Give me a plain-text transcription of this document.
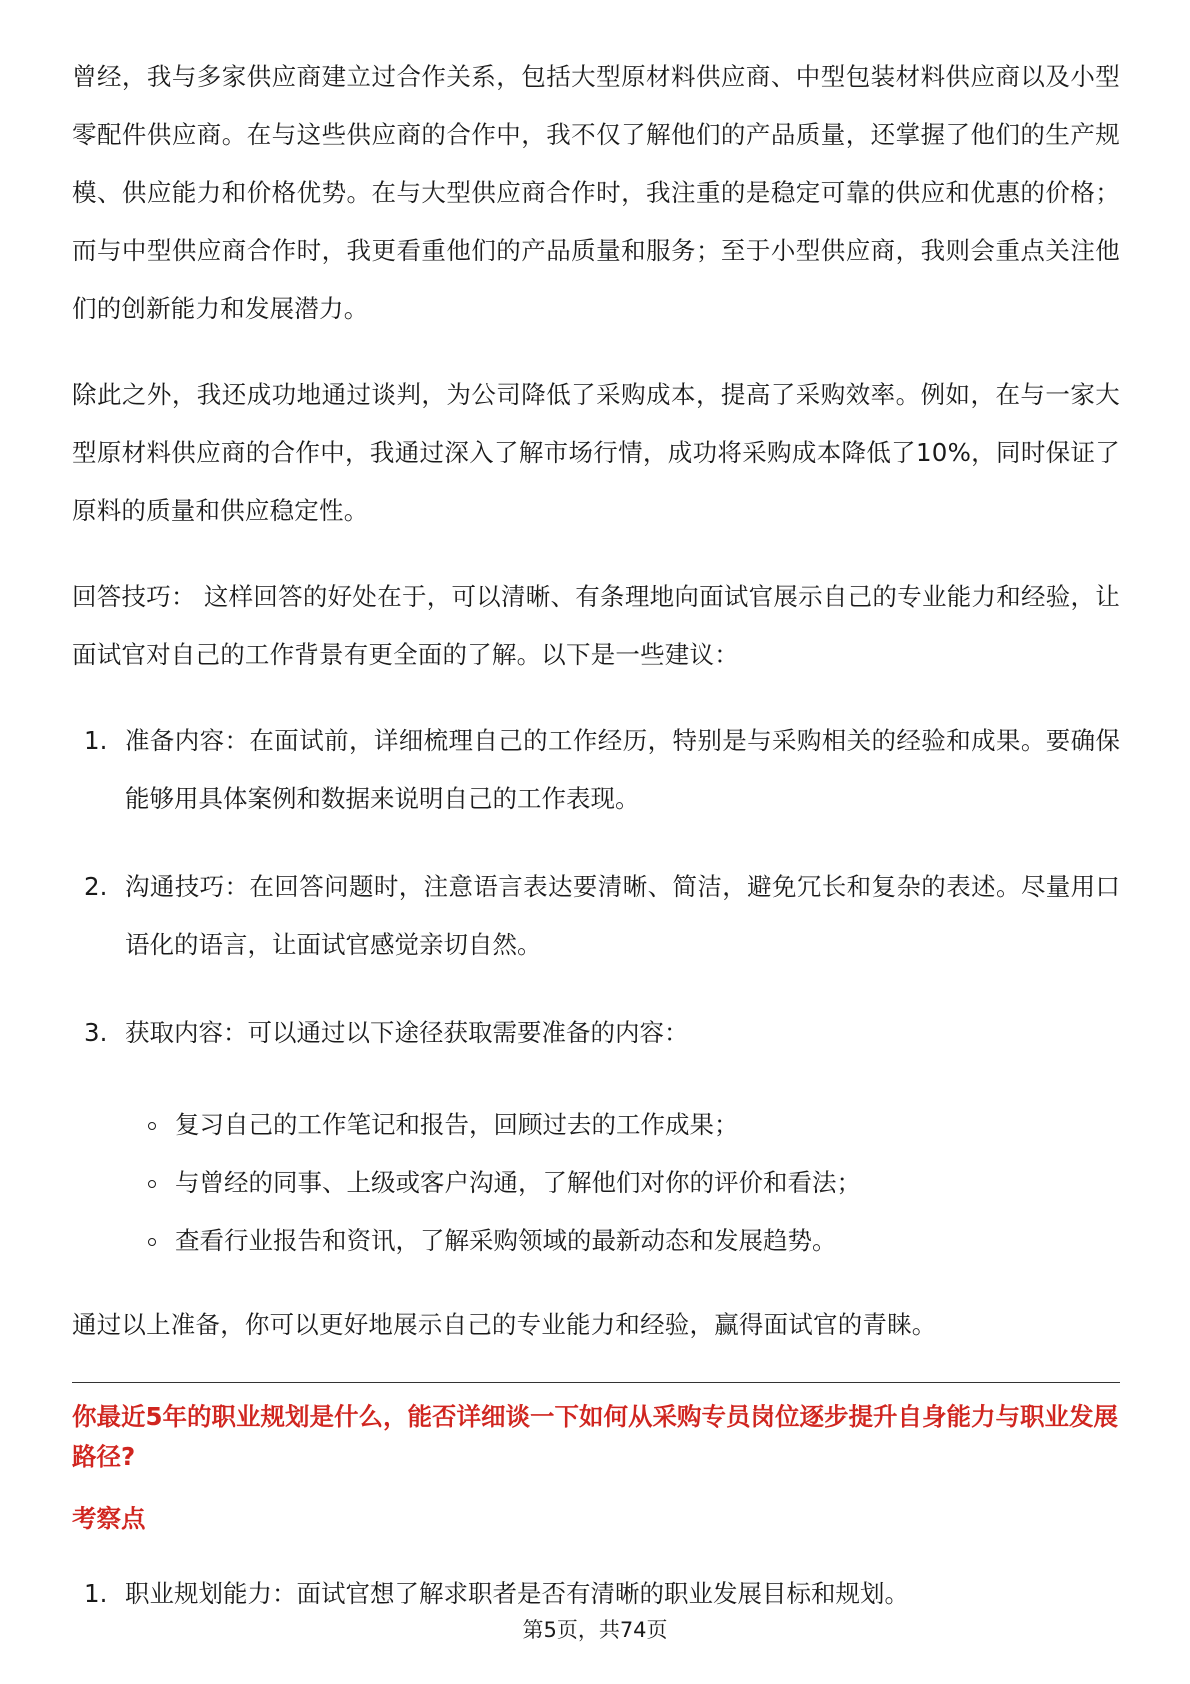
曾经，我与多家供应商建立过合作关系，包括大型原材料供应商、中型包装材料供应商以及小型零配件供应商。在与这些供应商的合作中，我不仅了解他们的产品质量，还掌握了他们的生产规模、供应能力和价格优势。在与大型供应商合作时，我注重的是稳定可靠的供应和优惠的价格；而与中型供应商合作时，我更看重他们的产品质量和服务；至于小型供应商，我则会重点关注他们的创新能力和发展潜力。

除此之外，我还成功地通过谈判，为公司降低了采购成本，提高了采购效率。例如，在与一家大型原材料供应商的合作中，我通过深入了解市场行情，成功将采购成本降低了10%，同时保证了原料的质量和供应稳定性。

回答技巧： 这样回答的好处在于，可以清晰、有条理地向面试官展示自己的专业能力和经验，让面试官对自己的工作背景有更全面的了解。以下是一些建议：

1. 准备内容：在面试前，详细梳理自己的工作经历，特别是与采购相关的经验和成果。要确保能够用具体案例和数据来说明自己的工作表现。
2. 沟通技巧：在回答问题时，注意语言表达要清晰、简洁，避免冗长和复杂的表述。尽量用口语化的语言，让面试官感觉亲切自然。
3. 获取内容：可以通过以下途径获取需要准备的内容：
复习自己的工作笔记和报告，回顾过去的工作成果；
与曾经的同事、上级或客户沟通，了解他们对你的评价和看法；
查看行业报告和资讯，了解采购领域的最新动态和发展趋势。

通过以上准备，你可以更好地展示自己的专业能力和经验，赢得面试官的青睐。

你最近5年的职业规划是什么，能否详细谈一下如何从采购专员岗位逐步提升自身能力与职业发展路径?

考察点

1. 职业规划能力：面试官想了解求职者是否有清晰的职业发展目标和规划。
第5页，共74页
